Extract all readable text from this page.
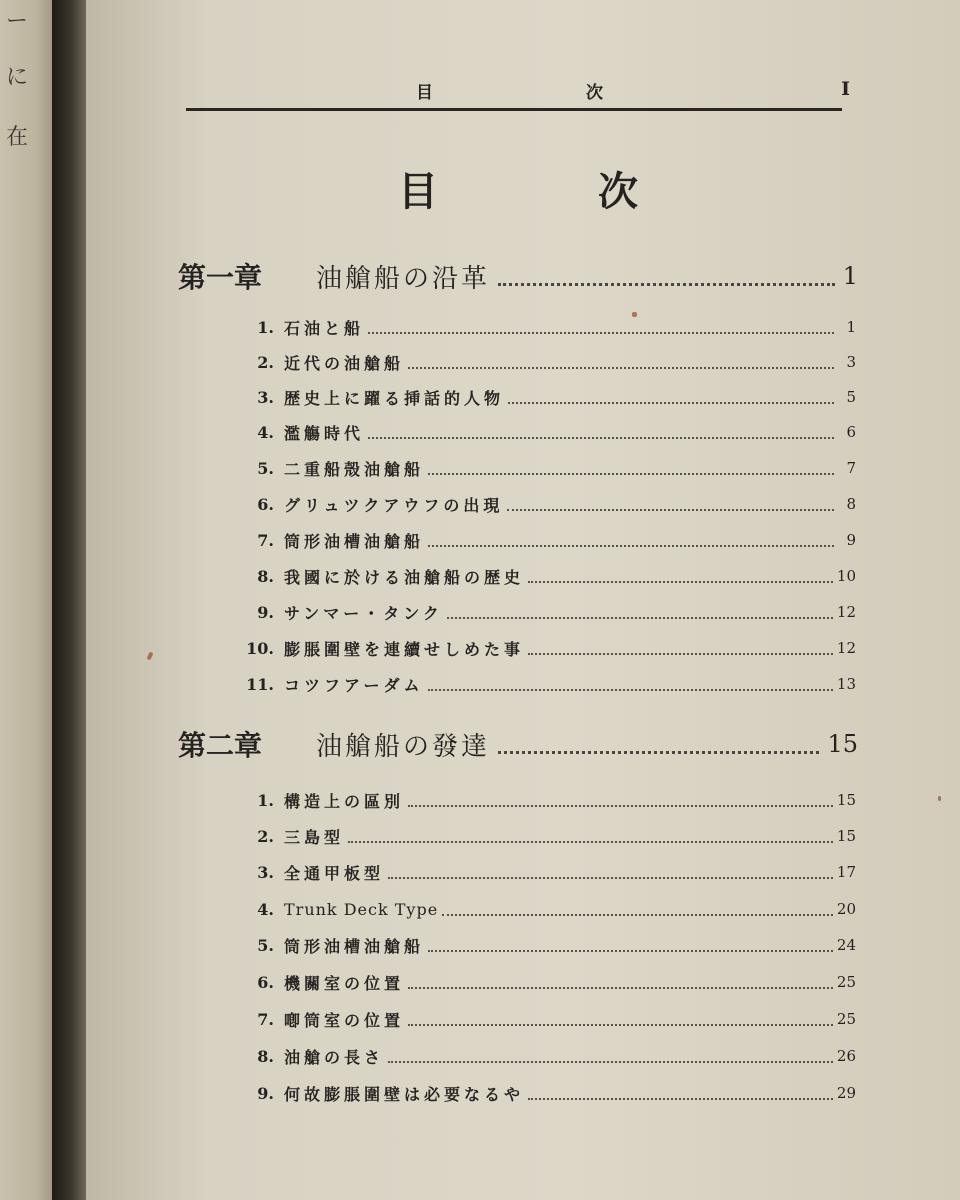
ー
に
在
目	次	I
目	次
第一章	油艙船の沿革	1
1. 石油と船	1
2. 近代の油艙船	3
3. 歴史上に躍る挿話的人物	5
4. 濫觴時代	6
5. 二重船殼油艙船	7
6. グリュツクアウフの出現	8
7. 筒形油槽油艙船	9
8. 我國に於ける油艙船の歴史	10
9. サンマー・タンク	12
10. 膨脹圍壁を連續せしめた事	12
11. コツフアーダム	13
第二章	油艙船の發達	15
1. 構造上の區別	15
2. 三島型	15
3. 全通甲板型	17
4. Trunk Deck Type	20
5. 筒形油槽油艙船	24
6. 機關室の位置	25
7. 喞筒室の位置	25
8. 油艙の長さ	26
9. 何故膨脹圍壁は必要なるや	29
